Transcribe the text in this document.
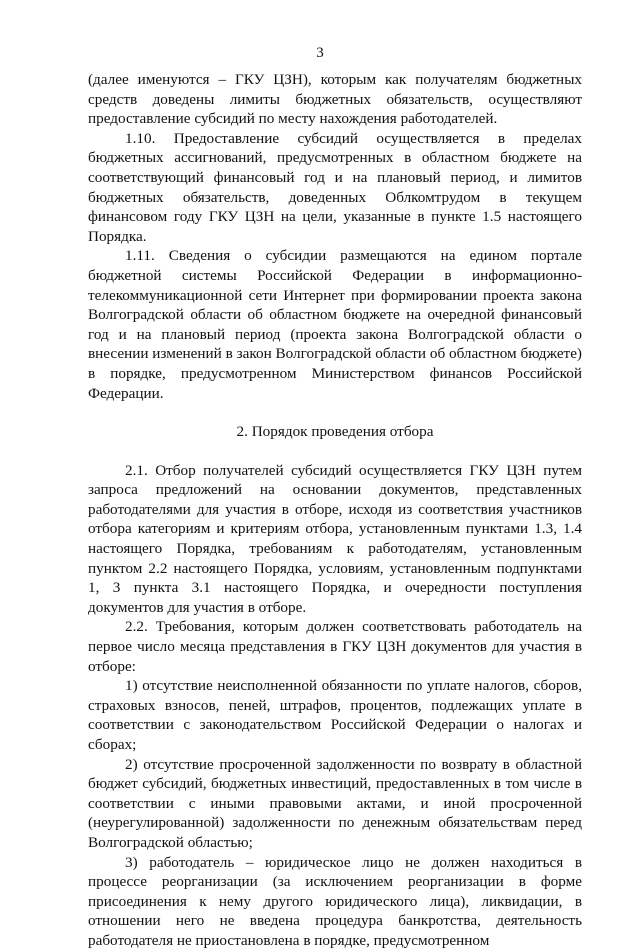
3

(далее именуются – ГКУ ЦЗН), которым как получателям бюджетных средств доведены лимиты бюджетных обязательств, осуществляют предоставление субсидий по месту нахождения работодателей.

1.10. Предоставление субсидий осуществляется в пределах бюджетных ассигнований, предусмотренных в областном бюджете на соответствующий финансовый год и на плановый период, и лимитов бюджетных обязательств, доведенных Облкомтрудом в текущем финансовом году ГКУ ЦЗН на цели, указанные в пункте 1.5 настоящего Порядка.

1.11. Сведения о субсидии размещаются на едином портале бюджетной системы Российской Федерации в информационно-телекоммуникационной сети Интернет при формировании проекта закона Волгоградской области об областном бюджете на очередной финансовый год и на плановый период (проекта закона Волгоградской области о внесении изменений в закон Волгоградской области об областном бюджете) в порядке, предусмотренном Министерством финансов Российской Федерации.

2. Порядок проведения отбора

2.1. Отбор получателей субсидий осуществляется ГКУ ЦЗН путем запроса предложений на основании документов, представленных работодателями для участия в отборе, исходя из соответствия участников отбора категориям и критериям отбора, установленным пунктами 1.3, 1.4 настоящего Порядка, требованиям к работодателям, установленным пунктом 2.2 настоящего Порядка, условиям, установленным подпунктами 1, 3 пункта 3.1 настоящего Порядка, и очередности поступления документов для участия в отборе.

2.2. Требования, которым должен соответствовать работодатель на первое число месяца представления в ГКУ ЦЗН документов для участия в отборе:

1) отсутствие неисполненной обязанности по уплате налогов, сборов, страховых взносов, пеней, штрафов, процентов, подлежащих уплате в соответствии с законодательством Российской Федерации о налогах и сборах;

2) отсутствие просроченной задолженности по возврату в областной бюджет субсидий, бюджетных инвестиций, предоставленных в том числе в соответствии с иными правовыми актами, и иной просроченной (неурегулированной) задолженности по денежным обязательствам перед Волгоградской областью;

3) работодатель – юридическое лицо не должен находиться в процессе реорганизации (за исключением реорганизации в форме присоединения к нему другого юридического лица), ликвидации, в отношении него не введена процедура банкротства, деятельность работодателя не приостановлена в порядке, предусмотренном
